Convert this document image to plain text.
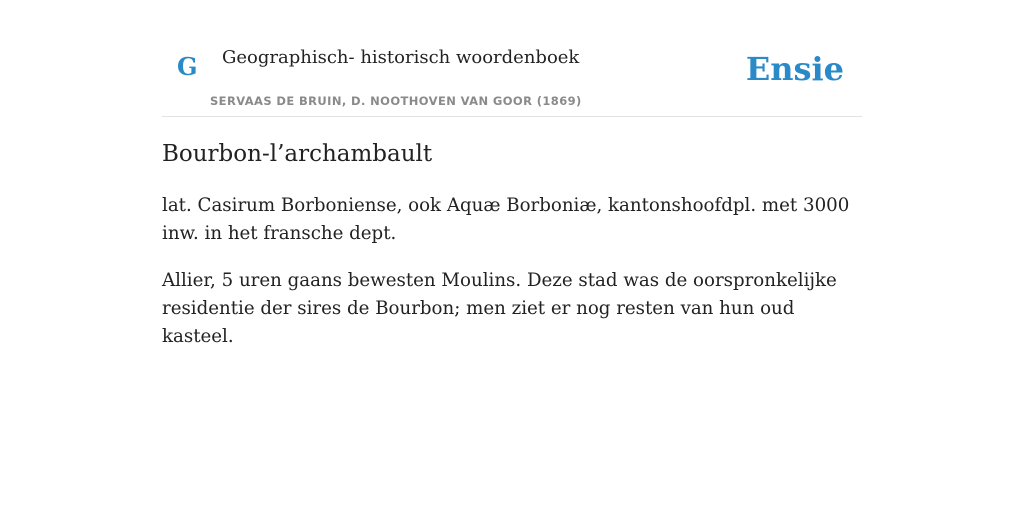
G Geographisch- historisch woordenboek
SERVAAS DE BRUIN, D. NOOTHOVEN VAN GOOR (1869)
Ensie
Bourbon-l’archambault

lat. Casirum Borboniense, ook Aquæ Borboniæ, kantonshoofdpl. met 3000 inw. in het fransche dept.

Allier, 5 uren gaans bewesten Moulins. Deze stad was de oorspronkelijke residentie der sires de Bourbon; men ziet er nog resten van hun oud kasteel.
